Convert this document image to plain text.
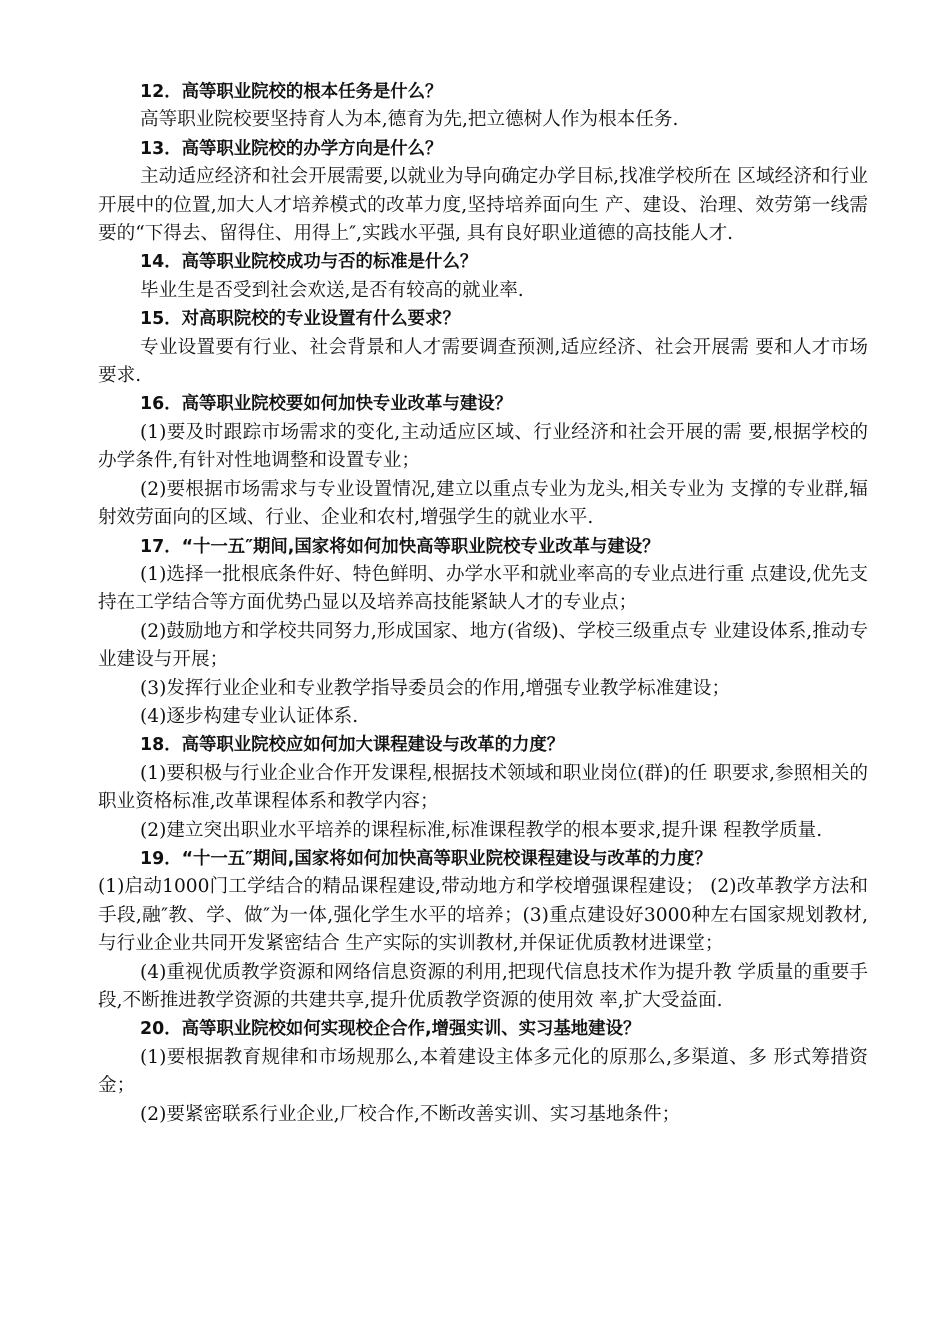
12．高等职业院校的根本任务是什么？

高等职业院校要坚持育人为本,德育为先,把立德树人作为根本任务.

13．高等职业院校的办学方向是什么？

主动适应经济和社会开展需要,以就业为导向确定办学目标,找准学校所在 区域经济和行业开展中的位置,加大人才培养模式的改革力度,坚持培养面向生 产、建设、治理、效劳第一线需要的“下得去、留得住、用得上″,实践水平强, 具有良好职业道德的高技能人才.

14．高等职业院校成功与否的标准是什么？

毕业生是否受到社会欢送,是否有较高的就业率.

15．对高职院校的专业设置有什么要求？

专业设置要有行业、社会背景和人才需要调查预测,适应经济、社会开展需 要和人才市场要求.

16．高等职业院校要如何加快专业改革与建设？

(1)要及时跟踪市场需求的变化,主动适应区域、行业经济和社会开展的需 要,根据学校的办学条件,有针对性地调整和设置专业；

(2)要根据市场需求与专业设置情况,建立以重点专业为龙头,相关专业为 支撑的专业群,辐射效劳面向的区域、行业、企业和农村,增强学生的就业水平.

17．“十一五″期间,国家将如何加快高等职业院校专业改革与建设？

(1)选择一批根底条件好、特色鲜明、办学水平和就业率高的专业点进行重 点建设,优先支持在工学结合等方面优势凸显以及培养高技能紧缺人才的专业点；

(2)鼓励地方和学校共同努力,形成国家、地方(省级)、学校三级重点专 业建设体系,推动专业建设与开展；

(3)发挥行业企业和专业教学指导委员会的作用,增强专业教学标准建设；

(4)逐步构建专业认证体系.

18．高等职业院校应如何加大课程建设与改革的力度？

(1)要积极与行业企业合作开发课程,根据技术领域和职业岗位(群)的任 职要求,参照相关的职业资格标准,改革课程体系和教学内容；

(2)建立突出职业水平培养的课程标准,标准课程教学的根本要求,提升课 程教学质量.

19．“十一五″期间,国家将如何加快高等职业院校课程建设与改革的力度？

(1)启动1000门工学结合的精品课程建设,带动地方和学校增强课程建设； (2)改革教学方法和手段,融″教、学、做″为一体,强化学生水平的培养；(3)重点建设好3000种左右国家规划教材,与行业企业共同开发紧密结合 生产实际的实训教材,并保证优质教材进课堂；

(4)重视优质教学资源和网络信息资源的利用,把现代信息技术作为提升教 学质量的重要手段,不断推进教学资源的共建共享,提升优质教学资源的使用效 率,扩大受益面.

20．高等职业院校如何实现校企合作,增强实训、实习基地建设？

(1)要根据教育规律和市场规那么,本着建设主体多元化的原那么,多渠道、多 形式筹措资金；

(2)要紧密联系行业企业,厂校合作,不断改善实训、实习基地条件；
